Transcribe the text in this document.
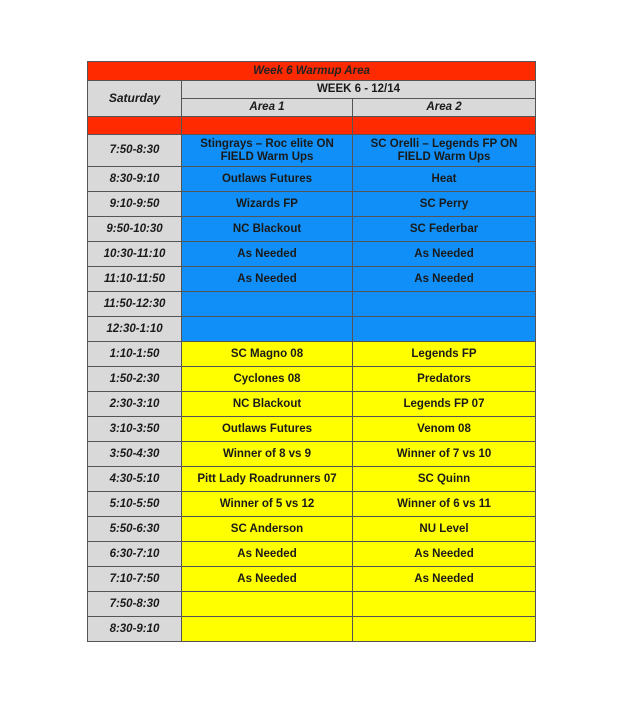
Week 6 Warmup Area		
Saturday	WEEK 6 - 12/14	
	Area 1	Area 2

7:50-8:30	Stingrays – Roc elite ON FIELD Warm Ups	SC Orelli – Legends FP ON FIELD Warm Ups
8:30-9:10	Outlaws Futures	Heat
9:10-9:50	Wizards FP	SC Perry
9:50-10:30	NC Blackout	SC Federbar
10:30-11:10	As Needed	As Needed
11:10-11:50	As Needed	As Needed
11:50-12:30		
12:30-1:10		
1:10-1:50	SC Magno 08	Legends FP
1:50-2:30	Cyclones 08	Predators
2:30-3:10	NC Blackout	Legends FP 07
3:10-3:50	Outlaws Futures	Venom 08
3:50-4:30	Winner of 8 vs 9	Winner of 7 vs 10
4:30-5:10	Pitt Lady Roadrunners 07	SC Quinn
5:10-5:50	Winner of 5 vs 12	Winner of 6 vs 11
5:50-6:30	SC Anderson	NU Level
6:30-7:10	As Needed	As Needed
7:10-7:50	As Needed	As Needed
7:50-8:30		
8:30-9:10		
